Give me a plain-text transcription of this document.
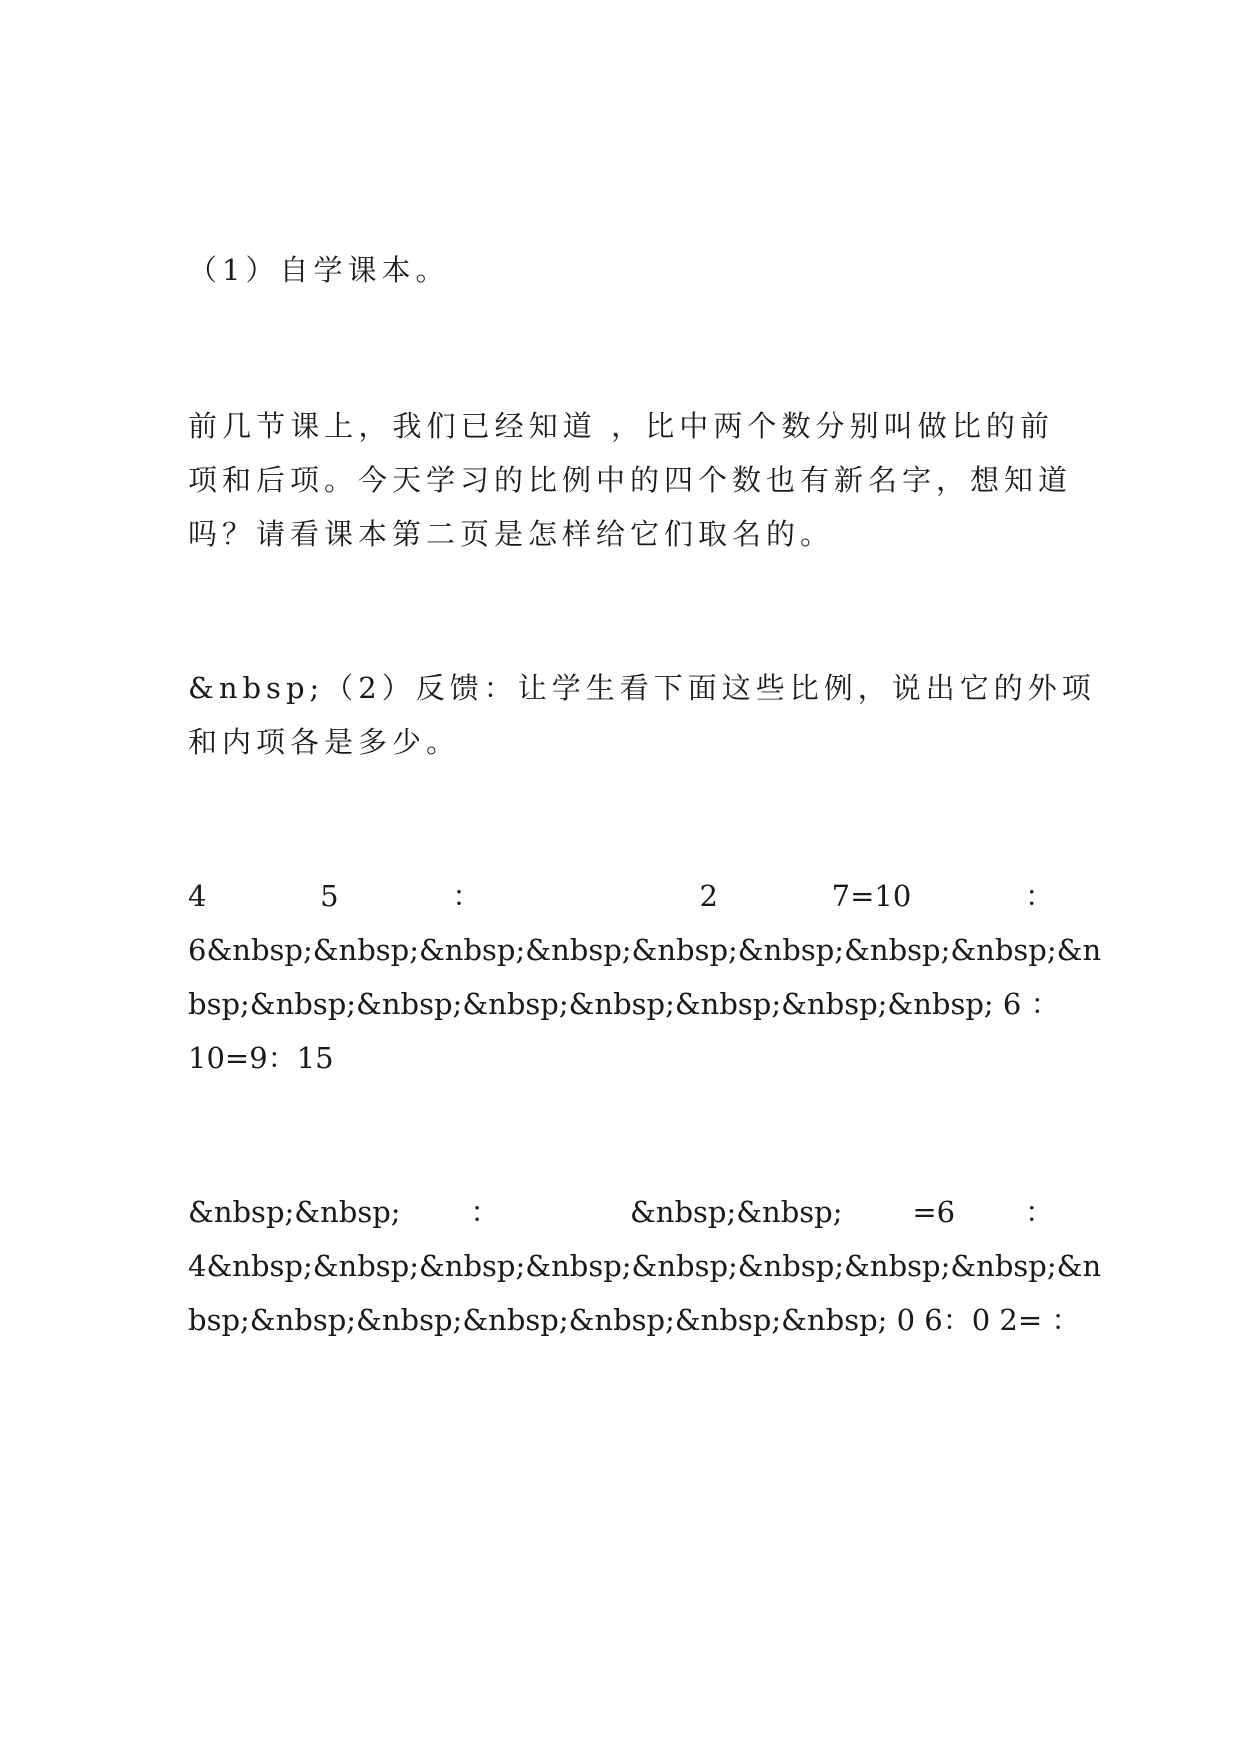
（1）自学课本。
前几节课上，我们已经知道 ，比中两个数分别叫做比的前
项和后项。今天学习的比例中的四个数也有新名字，想知道
吗？请看课本第二页是怎样给它们取名的。
&nbsp;（2）反馈：让学生看下面这些比例，说出它的外项
和内项各是多少。
4 5 ： 2 7=10 ：
6&nbsp;&nbsp;&nbsp;&nbsp;&nbsp;&nbsp;&nbsp;&nbsp;&n
bsp;&nbsp;&nbsp;&nbsp;&nbsp;&nbsp;&nbsp;&nbsp; 6 ：
10=9：15
&nbsp;&nbsp; ： &nbsp;&nbsp; =6 ：
4&nbsp;&nbsp;&nbsp;&nbsp;&nbsp;&nbsp;&nbsp;&nbsp;&n
bsp;&nbsp;&nbsp;&nbsp;&nbsp;&nbsp;&nbsp; 0 6：0 2= ：
